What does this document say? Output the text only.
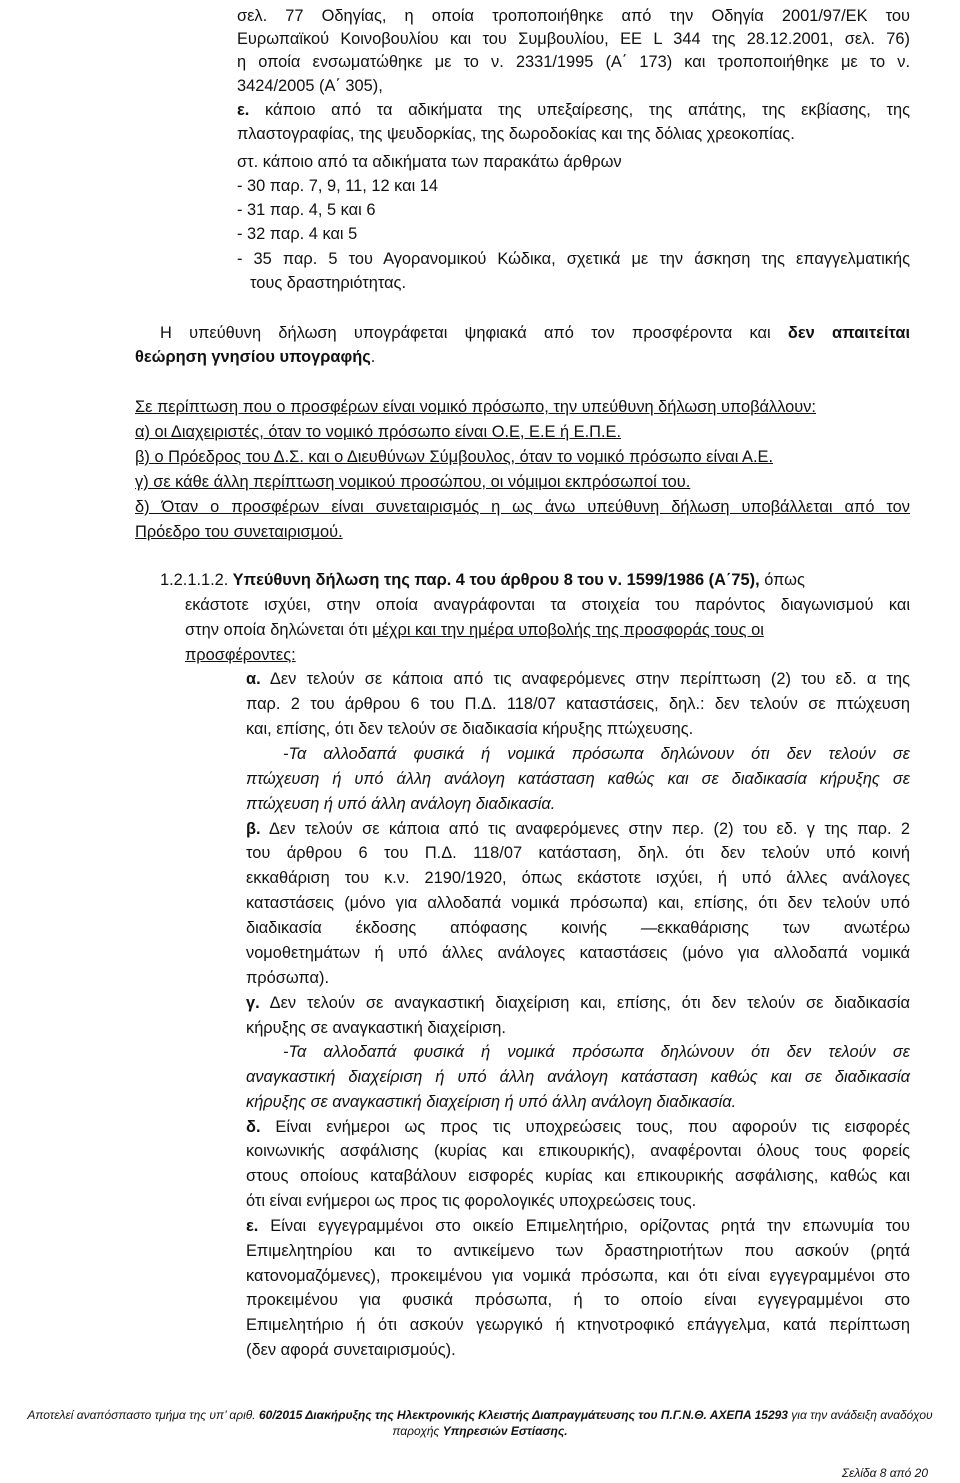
σελ. 77 Οδηγίας, η οποία τροποποιήθηκε από την Οδηγία 2001/97/ΕΚ του
Ευρωπαϊκού Κοινοβουλίου και του Συμβουλίου, ΕΕ L 344 της 28.12.2001, σελ. 76)
η οποία ενσωματώθηκε με το ν. 2331/1995 (Α΄ 173) και τροποποιήθηκε με το ν.
3424/2005 (Α΄ 305),
ε. κάποιο από τα αδικήματα της υπεξαίρεσης, της απάτης, της εκβίασης, της
πλαστογραφίας, της ψευδορκίας, της δωροδοκίας και της δόλιας χρεοκοπίας.
στ. κάποιο από τα αδικήματα των παρακάτω άρθρων
- 30 παρ. 7, 9, 11, 12 και 14
- 31 παρ. 4, 5 και 6
- 32 παρ. 4 και 5
- 35 παρ. 5 του Αγορανομικού Κώδικα, σχετικά με την άσκηση της επαγγελματικής
τους δραστηριότητας.
Η υπεύθυνη δήλωση υπογράφεται ψηφιακά από τον προσφέροντα και δεν απαιτείται
θεώρηση γνησίου υπογραφής.
Σε περίπτωση που ο προσφέρων είναι νομικό πρόσωπο, την υπεύθυνη δήλωση υποβάλλουν:
α) οι Διαχειριστές, όταν το νομικό πρόσωπο είναι Ο.Ε, Ε.Ε ή Ε.Π.Ε.
β) ο Πρόεδρος του Δ.Σ. και ο Διευθύνων Σύμβουλος, όταν το νομικό πρόσωπο είναι Α.Ε.
γ) σε κάθε άλλη περίπτωση νομικού προσώπου, οι νόμιμοι εκπρόσωποί του.
δ) Όταν ο προσφέρων είναι συνεταιρισμός η ως άνω υπεύθυνη δήλωση υποβάλλεται από τον
Πρόεδρο του συνεταιρισμού.
1.2.1.1.2. Υπεύθυνη δήλωση της παρ. 4 του άρθρου 8 του ν. 1599/1986 (Α΄75), όπως
εκάστοτε ισχύει, στην οποία αναγράφονται τα στοιχεία του παρόντος διαγωνισμού και
στην οποία δηλώνεται ότι μέχρι και την ημέρα υποβολής της προσφοράς τους οι
προσφέροντες:
α. Δεν τελούν σε κάποια από τις αναφερόμενες στην περίπτωση (2) του εδ. α της
παρ. 2 του άρθρου 6 του Π.Δ. 118/07 καταστάσεις, δηλ.: δεν τελούν σε πτώχευση
και, επίσης, ότι δεν τελούν σε διαδικασία κήρυξης πτώχευσης.
-Τα αλλοδαπά φυσικά ή νομικά πρόσωπα δηλώνουν ότι δεν τελούν σε
πτώχευση ή υπό άλλη ανάλογη κατάσταση καθώς και σε διαδικασία κήρυξης σε
πτώχευση ή υπό άλλη ανάλογη διαδικασία.
β. Δεν τελούν σε κάποια από τις αναφερόμενες στην περ. (2) του εδ. γ της παρ. 2
του άρθρου 6 του Π.Δ. 118/07 κατάσταση, δηλ. ότι δεν τελούν υπό κοινή
εκκαθάριση του κ.ν. 2190/1920, όπως εκάστοτε ισχύει, ή υπό άλλες ανάλογες
καταστάσεις (μόνο για αλλοδαπά νομικά πρόσωπα) και, επίσης, ότι δεν τελούν υπό
διαδικασία έκδοσης απόφασης κοινής —εκκαθάρισης των ανωτέρω
νομοθετημάτων ή υπό άλλες ανάλογες καταστάσεις (μόνο για αλλοδαπά νομικά
πρόσωπα).
γ. Δεν τελούν σε αναγκαστική διαχείριση και, επίσης, ότι δεν τελούν σε διαδικασία
κήρυξης σε αναγκαστική διαχείριση.
-Τα αλλοδαπά φυσικά ή νομικά πρόσωπα δηλώνουν ότι δεν τελούν σε
αναγκαστική διαχείριση ή υπό άλλη ανάλογη κατάσταση καθώς και σε διαδικασία
κήρυξης σε αναγκαστική διαχείριση ή υπό άλλη ανάλογη διαδικασία.
δ. Είναι ενήμεροι ως προς τις υποχρεώσεις τους, που αφορούν τις εισφορές
κοινωνικής ασφάλισης (κυρίας και επικουρικής), αναφέρονται όλους τους φορείς
στους οποίους καταβάλουν εισφορές κυρίας και επικουρικής ασφάλισης, καθώς και
ότι είναι ενήμεροι ως προς τις φορολογικές υποχρεώσεις τους.
ε. Είναι εγγεγραμμένοι στο οικείο Επιμελητήριο, ορίζοντας ρητά την επωνυμία του
Επιμελητηρίου και το αντικείμενο των δραστηριοτήτων που ασκούν (ρητά
κατονομαζόμενες), προκειμένου για νομικά πρόσωπα, και ότι είναι εγγεγραμμένοι στο
προκειμένου για φυσικά πρόσωπα, ή το οποίο είναι εγγεγραμμένοι στο
Επιμελητήριο ή ότι ασκούν γεωργικό ή κτηνοτροφικό επάγγελμα, κατά περίπτωση
(δεν αφορά συνεταιρισμούς).
Αποτελεί αναπόσπαστο τμήμα της υπ’ αριθ. 60/2015 Διακήρυξης της Ηλεκτρονικής Κλειστής Διαπραγμάτευσης του Π.Γ.Ν.Θ. ΑΧΕΠΑ 15293 για την ανάδειξη αναδόχου
παροχής Υπηρεσιών Εστίασης.
Σελίδα 8 από 20
